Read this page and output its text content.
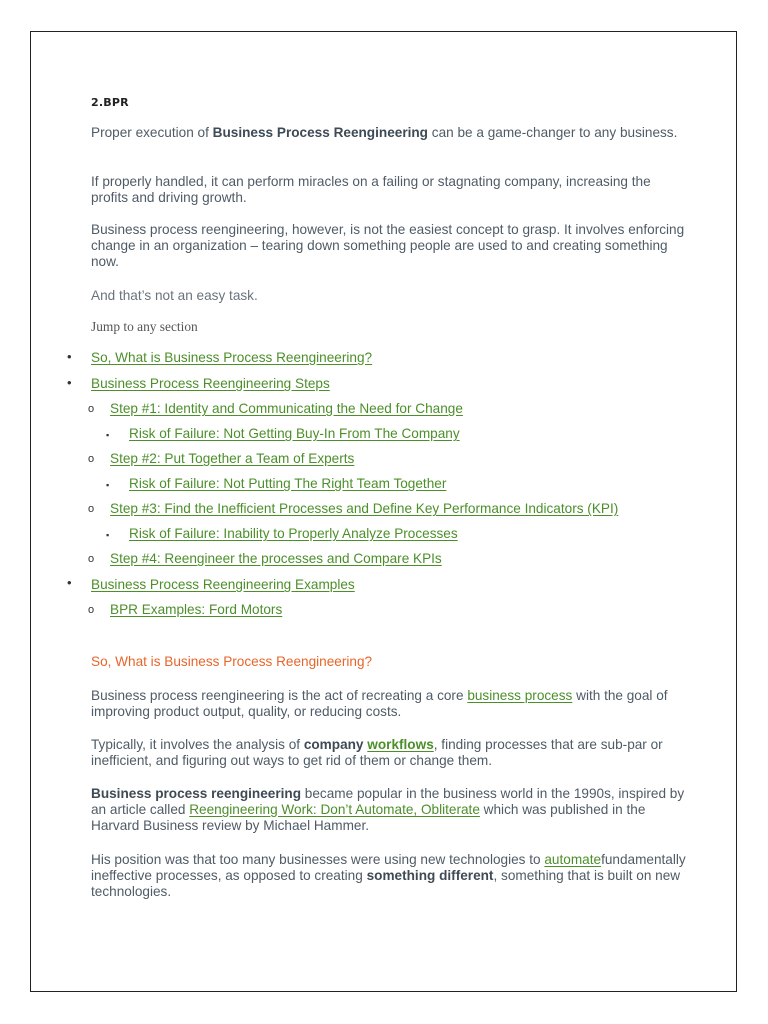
2.BPR
Proper execution of Business Process Reengineering can be a game-changer to any business.
If properly handled, it can perform miracles on a failing or stagnating company, increasing the profits and driving growth.
Business process reengineering, however, is not the easiest concept to grasp. It involves enforcing change in an organization – tearing down something people are used to and creating something now.
And that’s not an easy task.
Jump to any section
•
So, What is Business Process Reengineering?
•
Business Process Reengineering Steps
o
Step #1: Identity and Communicating the Need for Change
▪
Risk of Failure: Not Getting Buy-In From The Company
o
Step #2: Put Together a Team of Experts
▪
Risk of Failure: Not Putting The Right Team Together
o
Step #3: Find the Inefficient Processes and Define Key Performance Indicators (KPI)
▪
Risk of Failure: Inability to Properly Analyze Processes
o
Step #4: Reengineer the processes and Compare KPIs
•
Business Process Reengineering Examples
o
BPR Examples: Ford Motors
So, What is Business Process Reengineering?
Business process reengineering is the act of recreating a core business process with the goal of improving product output, quality, or reducing costs.
Typically, it involves the analysis of company workflows, finding processes that are sub-par or inefficient, and figuring out ways to get rid of them or change them.
Business process reengineering became popular in the business world in the 1990s, inspired by an article called Reengineering Work: Don’t Automate, Obliterate which was published in the Harvard Business review by Michael Hammer.
His position was that too many businesses were using new technologies to automatefundamentally ineffective processes, as opposed to creating something different, something that is built on new technologies.
